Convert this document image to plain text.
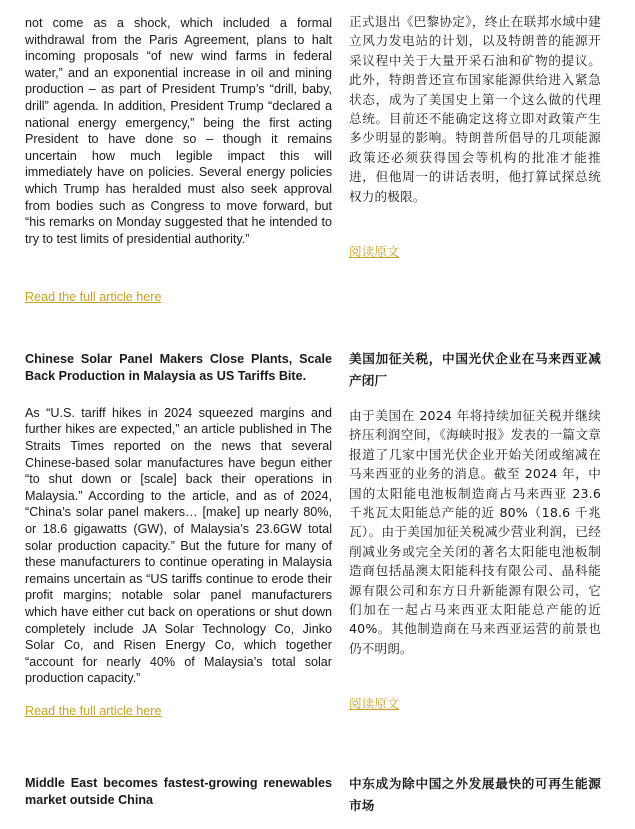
not come as a shock, which included a formal withdrawal from the Paris Agreement, plans to halt incoming proposals “of new wind farms in federal water,” and an exponential increase in oil and mining production – as part of President Trump’s “drill, baby, drill” agenda. In addition, President Trump “declared a national energy emergency,” being the first acting President to have done so – though it remains uncertain how much legible impact this will immediately have on policies. Several energy policies which Trump has heralded must also seek approval from bodies such as Congress to move forward, but “his remarks on Monday suggested that he intended to try to test limits of presidential authority.”

Read the full article here

正式退出《巴黎协定》，终止在联邦水域中建立风力发电站的计划，以及特朗普的能源开采议程中关于大量开采石油和矿物的提议。 此外，特朗普还宣布国家能源供给进入紧急状态，成为了美国史上第一个这么做的代理总统。目前还不能确定这将立即对政策产生多少明显的影响。特朗普所倡导的几项能源政策还必须获得国会等机构的批准才能推进，但他周一的讲话表明，他打算试探总统权力的极限。

阅读原文
Chinese Solar Panel Makers Close Plants, Scale Back Production in Malaysia as US Tariffs Bite.

As “U.S. tariff hikes in 2024 squeezed margins and further hikes are expected,” an article published in The Straits Times reported on the news that several Chinese-based solar manufactures have begun either “to shut down or [scale] back their operations in Malaysia.” According to the article, and as of 2024, “China’s solar panel makers… [make] up nearly 80%, or 18.6 gigawatts (GW), of Malaysia’s 23.6GW total solar production capacity.” But the future for many of these manufacturers to continue operating in Malaysia remains uncertain as “US tariffs continue to erode their profit margins; notable solar panel manufacturers which have either cut back on operations or shut down completely include JA Solar Technology Co, Jinko Solar Co, and Risen Energy Co, which together “account for nearly 40% of Malaysia’s total solar production capacity.”

Read the full article here
美国加征关税，中国光伏企业在马来西亚减产闭厂

由于美国在 2024 年将持续加征关税并继续挤压利润空间，《海峡时报》发表的一篇文章报道了几家中国光伏企业开始关闭或缩减在马来西亚的业务的消息。截至 2024 年，中国的太阳能电池板制造商占马来西亚 23.6 千兆瓦太阳能总产能的近 80%（18.6 千兆瓦）。由于美国加征关税减少营业利润，已经削减业务或完全关闭的著名太阳能电池板制造商包括晶澳太阳能科技有限公司、晶科能源有限公司和东方日升新能源有限公司，它们加在一起占马来西亚太阳能总产能的近 40%。其他制造商在马来西亚运营的前景也仍不明朗。

阅读原文
Middle East becomes fastest-growing renewables market outside China
中东成为除中国之外发展最快的可再生能源市场
